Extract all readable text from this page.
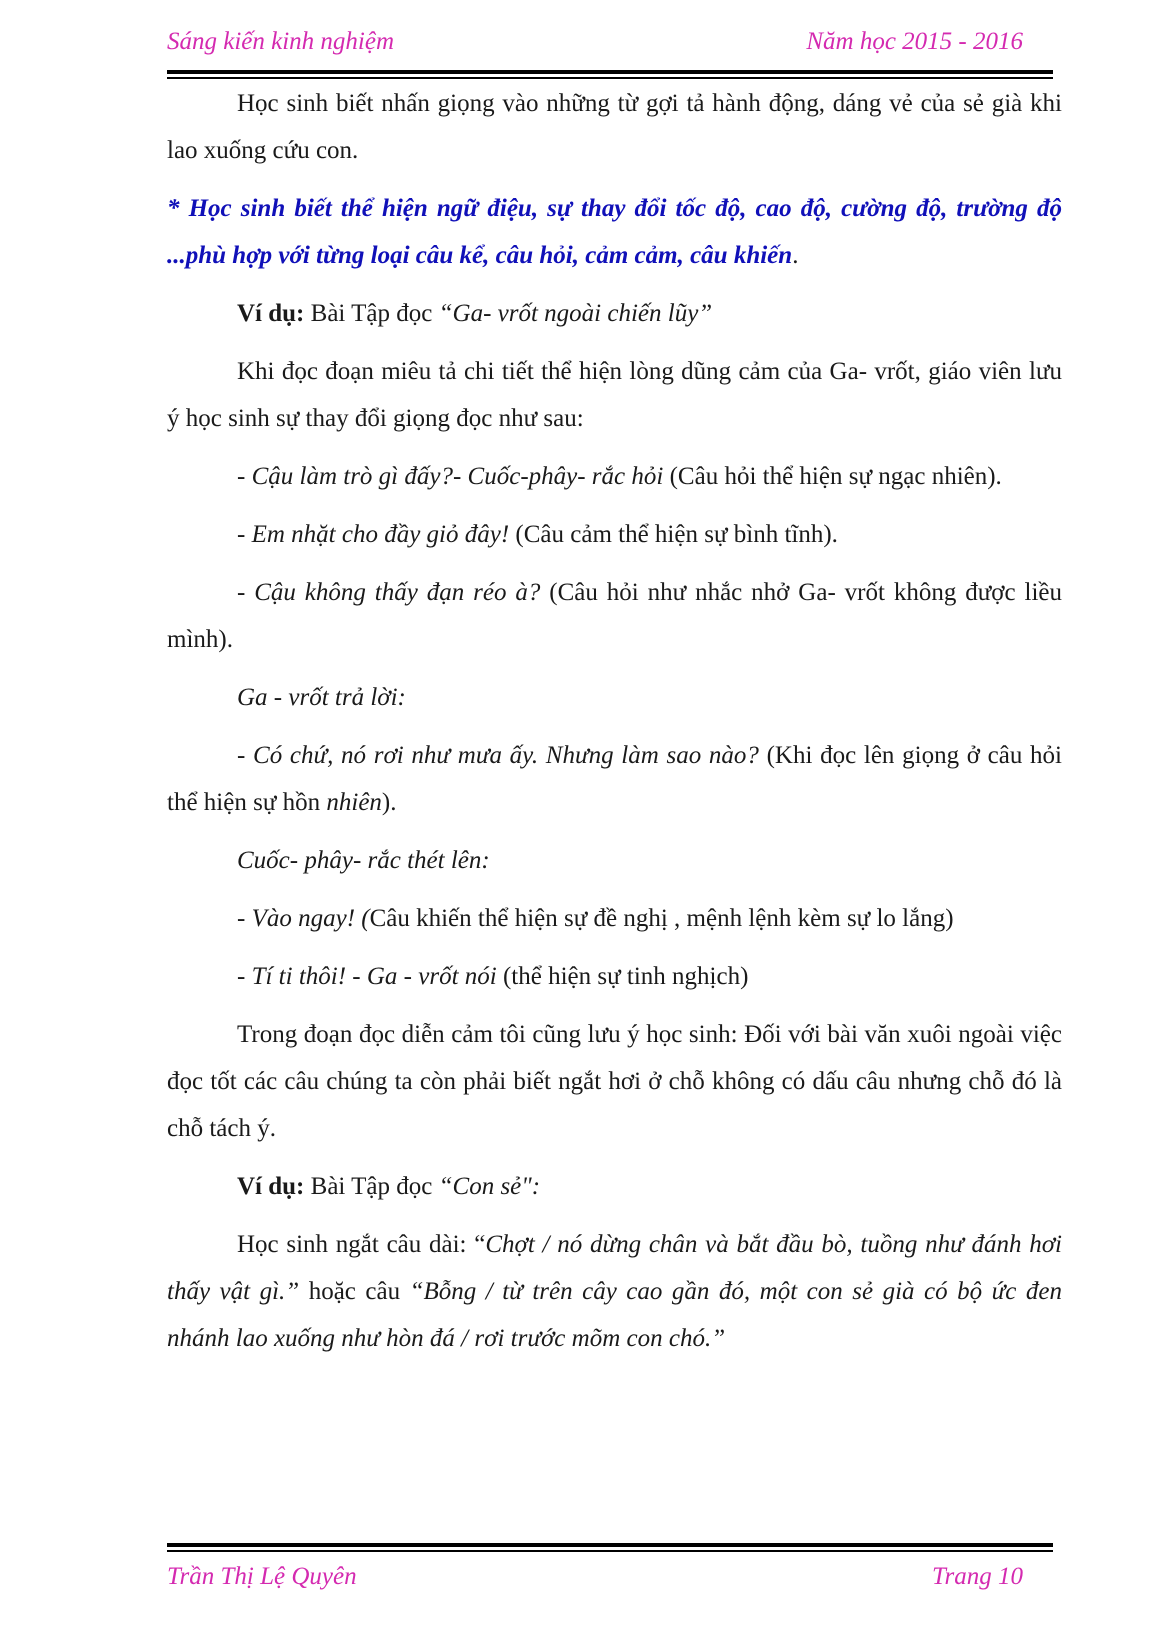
Sáng kiến kinh nghiệm	Năm học 2015 - 2016

Học sinh biết nhấn giọng vào những từ gợi tả hành động, dáng vẻ của sẻ già khi lao xuống cứu con.

* Học sinh biết thể hiện ngữ điệu, sự thay đổi tốc độ, cao độ, cường độ, trường độ ...phù hợp với từng loại câu kể, câu hỏi, cảm cảm, câu khiến.

Ví dụ: Bài Tập đọc “Ga- vrốt ngoài chiến lũy”

Khi đọc đoạn miêu tả chi tiết thể hiện lòng dũng cảm của Ga- vrốt, giáo viên lưu ý học sinh sự thay đổi giọng đọc như sau:

- Cậu làm trò gì đấy?- Cuốc-phây- rắc hỏi (Câu hỏi thể hiện sự ngạc nhiên).

- Em nhặt cho đầy giỏ đây! (Câu cảm thể hiện sự bình tĩnh).

- Cậu không thấy đạn réo à? (Câu hỏi như nhắc nhở Ga- vrốt không được liều mình).

Ga - vrốt trả lời:

- Có chứ, nó rơi như mưa ấy. Nhưng làm sao nào? (Khi đọc lên giọng ở câu hỏi thể hiện sự hồn nhiên).

Cuốc- phây- rắc thét lên:

- Vào ngay! (Câu khiến thể hiện sự đề nghị , mệnh lệnh kèm sự lo lắng)

- Tí ti thôi! - Ga - vrốt nói (thể hiện sự tinh nghịch)

Trong đoạn đọc diễn cảm tôi cũng lưu ý học sinh: Đối với bài văn xuôi ngoài việc đọc tốt các câu chúng ta còn phải biết ngắt hơi ở chỗ không có dấu câu nhưng chỗ đó là chỗ tách ý.

Ví dụ: Bài Tập đọc “Con sẻ":

Học sinh ngắt câu dài: “Chợt / nó dừng chân và bắt đầu bò, tuồng như đánh hơi thấy vật gì.” hoặc câu “Bỗng / từ trên cây cao gần đó, một con sẻ già có bộ ức đen nhánh lao xuống như hòn đá / rơi trước mõm con chó.”

Trần Thị Lệ Quyên	Trang 10
